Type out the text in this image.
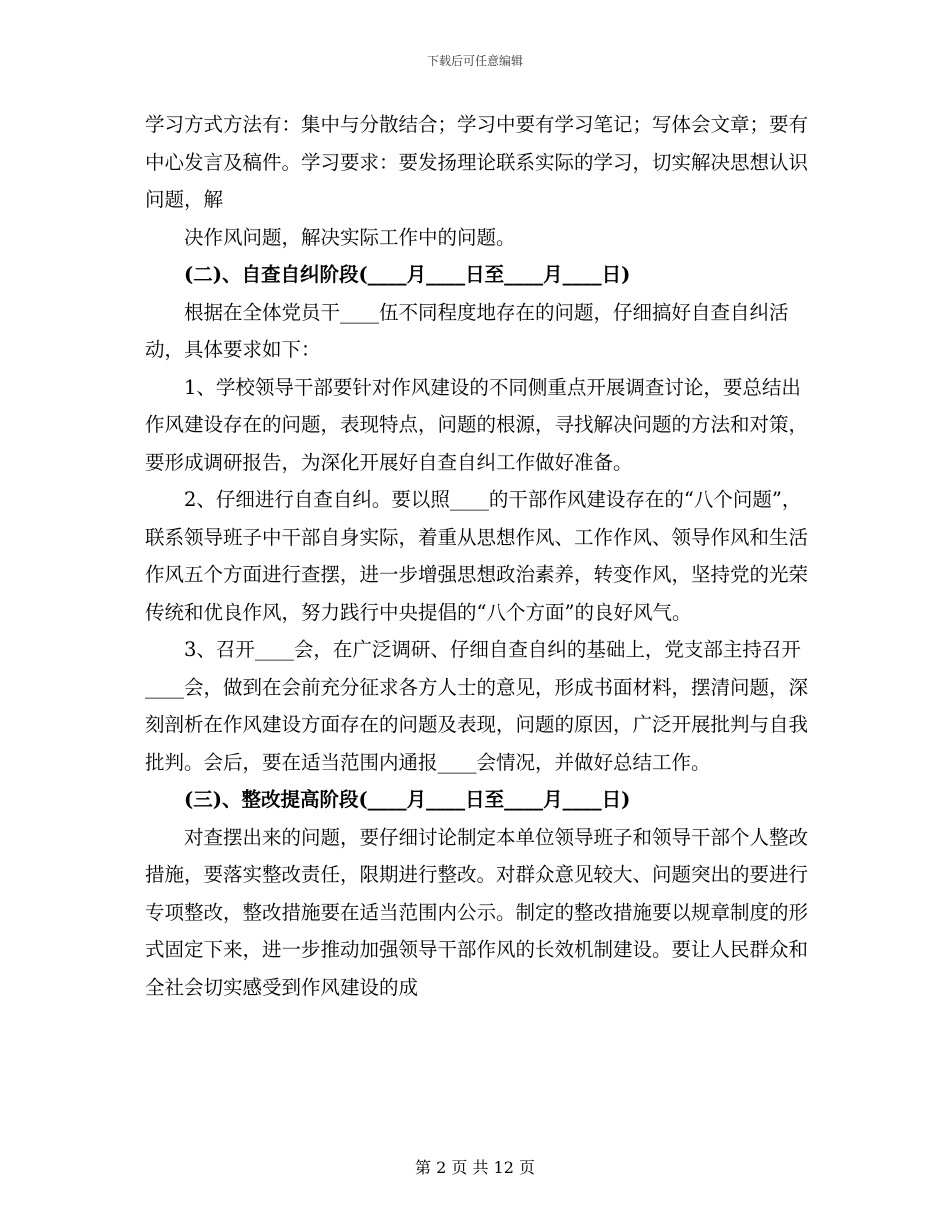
下载后可任意编辑

学习方式方法有：集中与分散结合；学习中要有学习笔记；写体会文章；要有中心发言及稿件。学习要求：要发扬理论联系实际的学习，切实解决思想认识问题，解

决作风问题，解决实际工作中的问题。

(二)、自查自纠阶段(____月____日至____月____日)

根据在全体党员干____伍不同程度地存在的问题，仔细搞好自查自纠活动，具体要求如下：

1、学校领导干部要针对作风建设的不同侧重点开展调查讨论，要总结出作风建设存在的问题，表现特点，问题的根源，寻找解决问题的方法和对策，要形成调研报告，为深化开展好自查自纠工作做好准备。

2、仔细进行自查自纠。要以照____的干部作风建设存在的“八个问题”，联系领导班子中干部自身实际，着重从思想作风、工作作风、领导作风和生活作风五个方面进行查摆，进一步增强思想政治素养，转变作风，坚持党的光荣传统和优良作风，努力践行中央提倡的“八个方面”的良好风气。

3、召开____会，在广泛调研、仔细自查自纠的基础上，党支部主持召开____会，做到在会前充分征求各方人士的意见，形成书面材料，摆清问题，深刻剖析在作风建设方面存在的问题及表现，问题的原因，广泛开展批判与自我批判。会后，要在适当范围内通报____会情况，并做好总结工作。

(三)、整改提高阶段(____月____日至____月____日)

对查摆出来的问题，要仔细讨论制定本单位领导班子和领导干部个人整改措施，要落实整改责任，限期进行整改。对群众意见较大、问题突出的要进行专项整改，整改措施要在适当范围内公示。制定的整改措施要以规章制度的形式固定下来，进一步推动加强领导干部作风的长效机制建设。要让人民群众和全社会切实感受到作风建设的成

第 2 页 共 12 页
